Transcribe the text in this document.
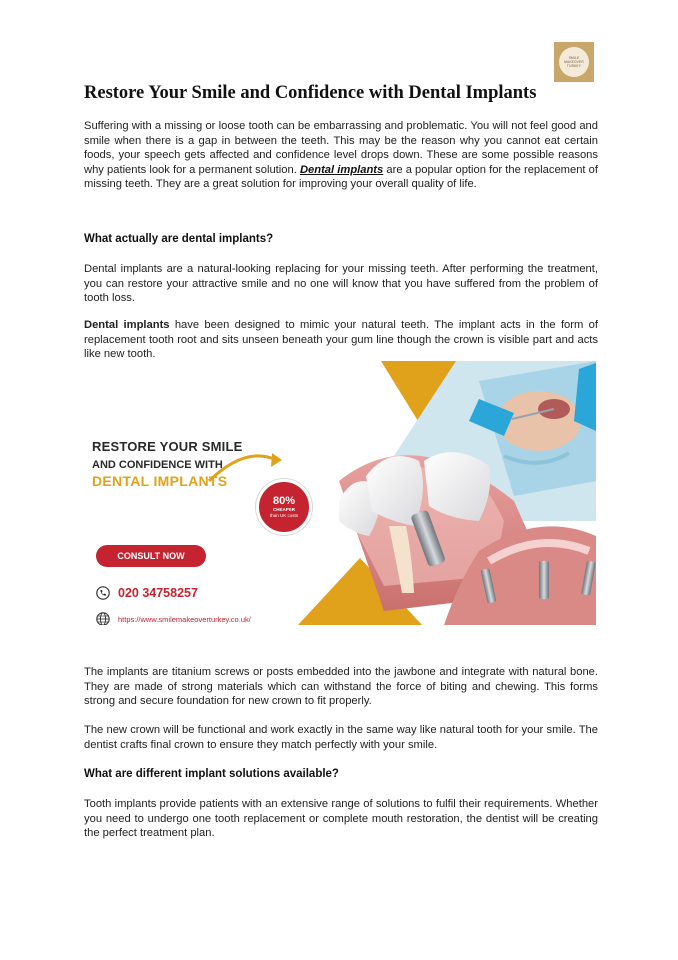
SMILE
MAKEOVER
TURKEY
Restore Your Smile and Confidence with Dental Implants

Suffering with a missing or loose tooth can be embarrassing and problematic. You will not feel good and smile when there is a gap in between the teeth. This may be the reason why you cannot eat certain foods, your speech gets affected and confidence level drops down. These are some possible reasons why patients look for a permanent solution. Dental implants are a popular option for the replacement of missing teeth. They are a great solution for improving your overall quality of life.

What actually are dental implants?

Dental implants are a natural-looking replacing for your missing teeth. After performing the treatment, you can restore your attractive smile and no one will know that you have suffered from the problem of tooth loss.

Dental implants have been designed to mimic your natural teeth. The implant acts in the form of replacement tooth root and sits unseen beneath your gum line though the crown is visible part and acts like new tooth.

RESTORE YOUR SMILE
AND CONFIDENCE WITH
DENTAL IMPLANTS
80%
CHEAPER
than UK costs
CONSULT NOW
020 34758257
https://www.smilemakeoverturkey.co.uk/

The implants are titanium screws or posts embedded into the jawbone and integrate with natural bone. They are made of strong materials which can withstand the force of biting and chewing. This forms strong and secure foundation for new crown to fit properly.

The new crown will be functional and work exactly in the same way like natural tooth for your smile. The dentist crafts final crown to ensure they match perfectly with your smile.

What are different implant solutions available?

Tooth implants provide patients with an extensive range of solutions to fulfil their requirements. Whether you need to undergo one tooth replacement or complete mouth restoration, the dentist will be creating the perfect treatment plan.
